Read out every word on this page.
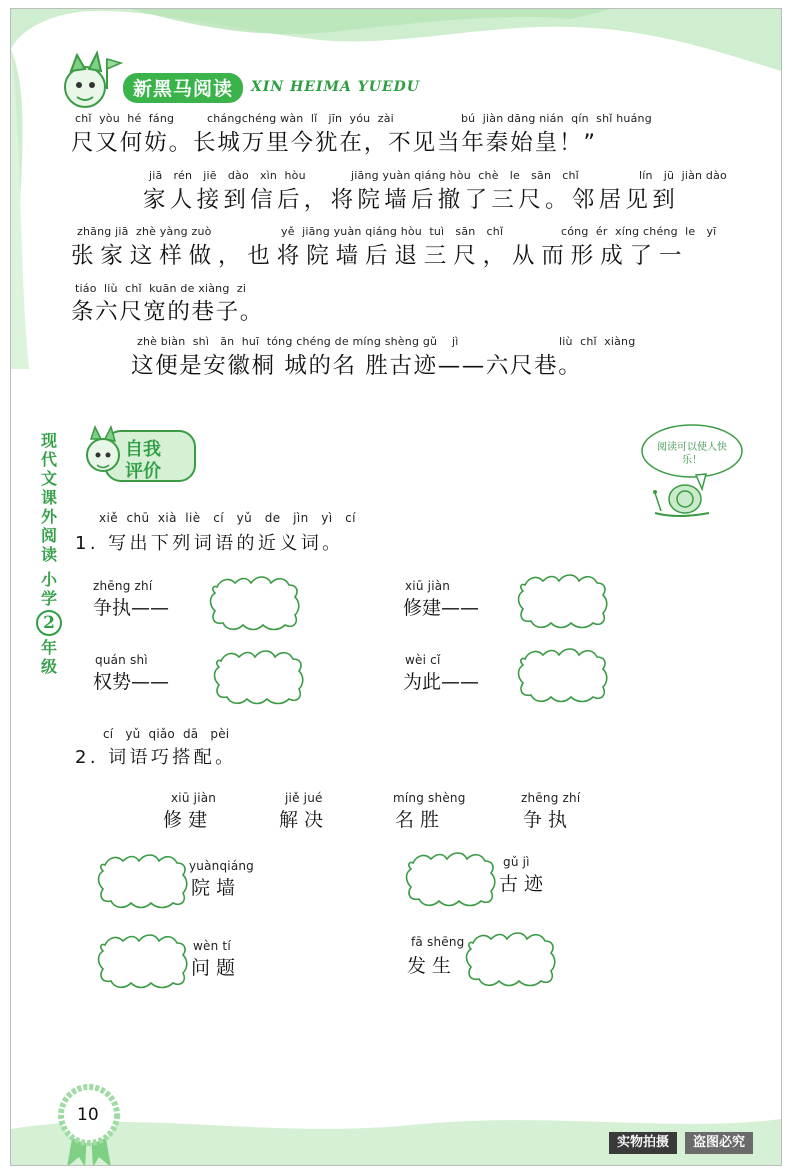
新黑马阅读	XIN HEIMA YUEDU
chǐ  yòu  hé  fáng	chángchéng wàn  lǐ   jīn  yóu  zài	bú  jiàn dāng nián  qín  shǐ huáng
尺又何妨。长城万里今犹在，不见当年秦始皇！”
jiā   rén   jiē   dào   xìn  hòu	jiāng yuàn qiáng hòu  chè   le   sān   chǐ	lín   jū  jiàn dào
家人接到信后，将院墙后撤了三尺。邻居见到
zhāng jiā  zhè yàng zuò	yě  jiāng yuàn qiáng hòu  tuì   sān   chǐ	cóng  ér  xíng chéng  le   yī
张家这样做，也将院墙后退三尺，从而形成了一
tiáo  liù  chǐ  kuān de xiàng  zi
条六尺宽的巷子。
zhè biàn  shì   ān  huī  tóng chéng de míng shèng gǔ    jì	liù  chǐ  xiàng
这便是安徽桐 城的名 胜古迹——六尺巷。
现
代
文
课
外
阅
读
小学
2
年
级
自我
评价
阅读可以使人快乐！
xiě  chū  xià  liè   cí   yǔ   de   jìn   yì   cí
1. 写出下列词语的近义词。
zhēng zhí
争执——
xiū jiàn
修建——
quán shì
权势——
wèi cǐ
为此——
cí   yǔ  qiǎo  dā   pèi
2. 词语巧搭配。
xiū jiàn
修 建
jiě jué
解 决
míng shèng
名 胜
zhēng zhí
争 执
yuànqiáng
院 墙
gǔ jì
古 迹
wèn tí
问 题
fā shēng
发 生
10
实物拍摄	盗图必究
